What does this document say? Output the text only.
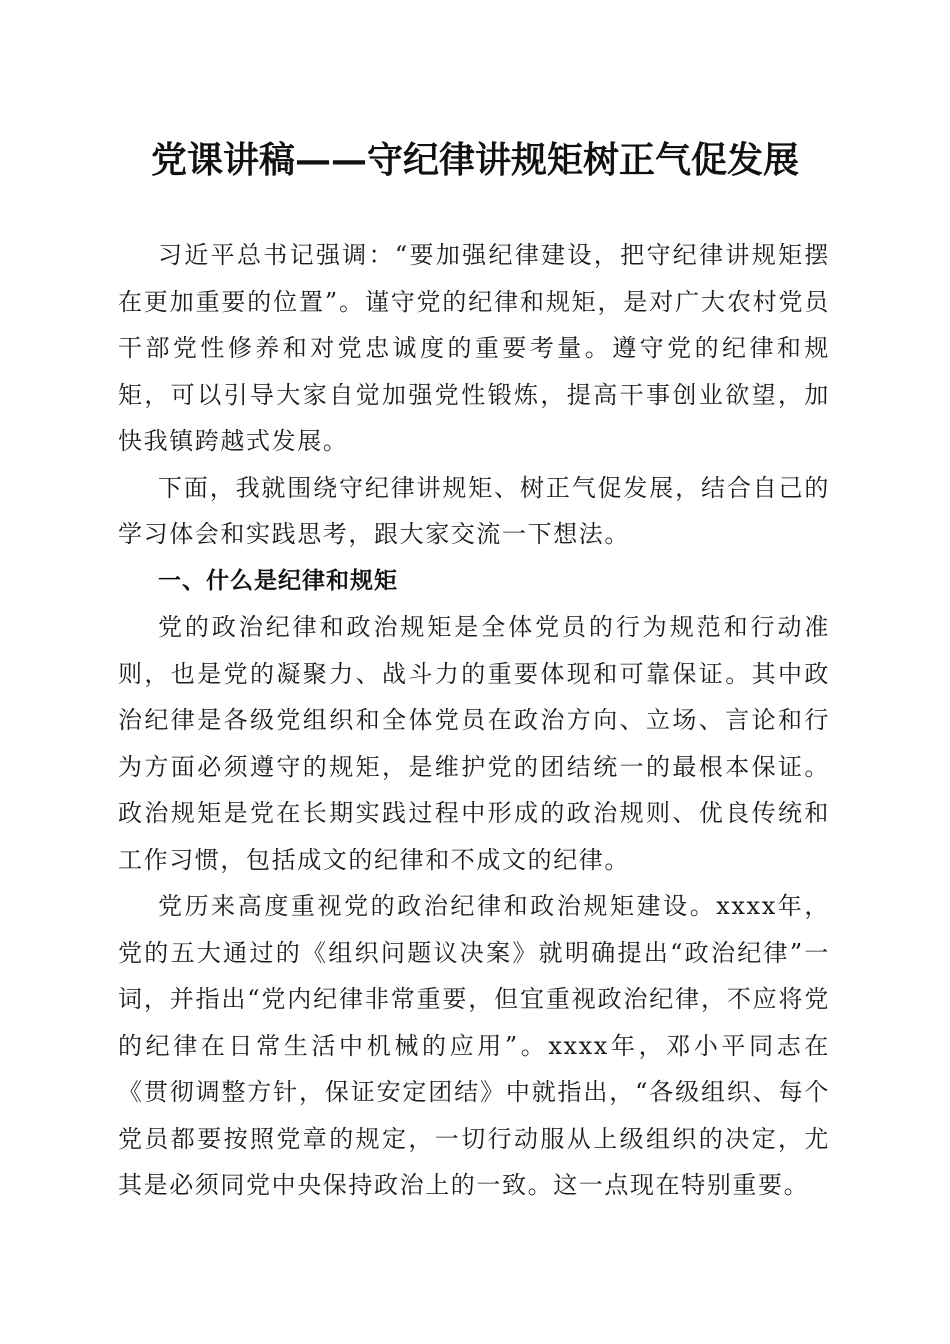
党课讲稿——守纪律讲规矩树正气促发展

习近平总书记强调：“要加强纪律建设，把守纪律讲规矩摆在更加重要的位置”。谨守党的纪律和规矩，是对广大农村党员干部党性修养和对党忠诚度的重要考量。遵守党的纪律和规矩，可以引导大家自觉加强党性锻炼，提高干事创业欲望，加快我镇跨越式发展。

下面，我就围绕守纪律讲规矩、树正气促发展，结合自己的学习体会和实践思考，跟大家交流一下想法。

一、什么是纪律和规矩

党的政治纪律和政治规矩是全体党员的行为规范和行动准则，也是党的凝聚力、战斗力的重要体现和可靠保证。其中政治纪律是各级党组织和全体党员在政治方向、立场、言论和行为方面必须遵守的规矩，是维护党的团结统一的最根本保证。政治规矩是党在长期实践过程中形成的政治规则、优良传统和工作习惯，包括成文的纪律和不成文的纪律。

党历来高度重视党的政治纪律和政治规矩建设。xxxx年，党的五大通过的《组织问题议决案》就明确提出“政治纪律”一词，并指出“党内纪律非常重要，但宜重视政治纪律，不应将党的纪律在日常生活中机械的应用”。xxxx年，邓小平同志在《贯彻调整方针，保证安定团结》中就指出，“各级组织、每个党员都要按照党章的规定，一切行动服从上级组织的决定，尤其是必须同党中央保持政治上的一致。这一点现在特别重要。
